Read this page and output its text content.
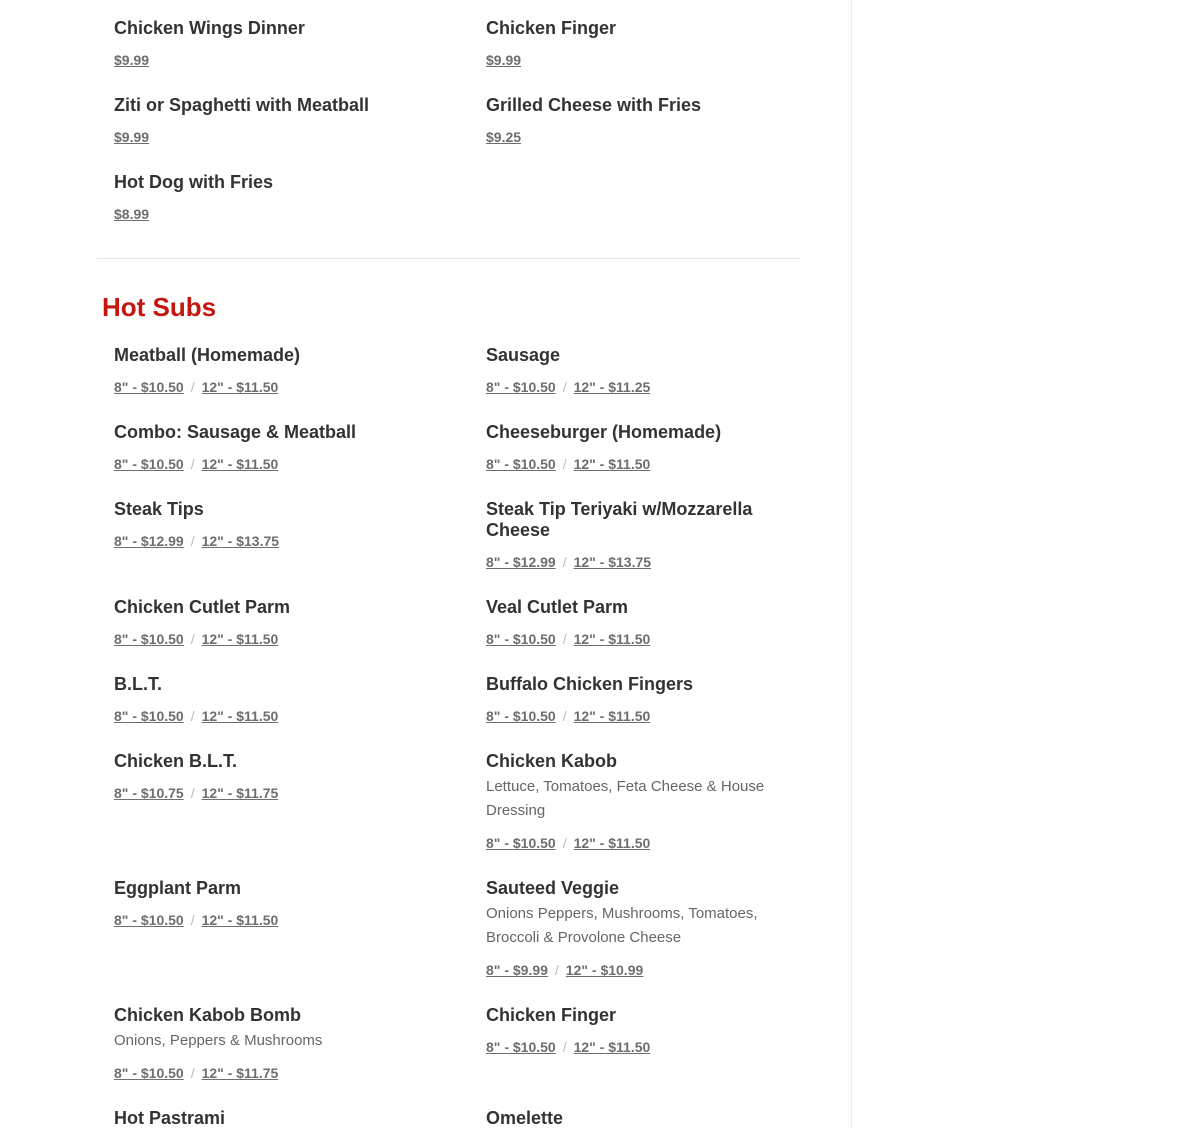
Chicken Wings Dinner
$9.99
Chicken Finger
$9.99
Ziti or Spaghetti with Meatball
$9.99
Grilled Cheese with Fries
$9.25
Hot Dog with Fries
$8.99
Hot Subs
Meatball (Homemade)
8" - $10.50 / 12" - $11.50
Sausage
8" - $10.50 / 12" - $11.25
Combo: Sausage & Meatball
8" - $10.50 / 12" - $11.50
Cheeseburger (Homemade)
8" - $10.50 / 12" - $11.50
Steak Tips
8" - $12.99 / 12" - $13.75
Steak Tip Teriyaki w/Mozzarella Cheese
8" - $12.99 / 12" - $13.75
Chicken Cutlet Parm
8" - $10.50 / 12" - $11.50
Veal Cutlet Parm
8" - $10.50 / 12" - $11.50
B.L.T.
8" - $10.50 / 12" - $11.50
Buffalo Chicken Fingers
8" - $10.50 / 12" - $11.50
Chicken B.L.T.
8" - $10.75 / 12" - $11.75
Chicken Kabob
Lettuce, Tomatoes, Feta Cheese & House Dressing
8" - $10.50 / 12" - $11.50
Eggplant Parm
8" - $10.50 / 12" - $11.50
Sauteed Veggie
Onions Peppers, Mushrooms, Tomatoes, Broccoli & Provolone Cheese
8" - $9.99 / 12" - $10.99
Chicken Kabob Bomb
Onions, Peppers & Mushrooms
8" - $10.50 / 12" - $11.75
Chicken Finger
8" - $10.50 / 12" - $11.50
Hot Pastrami	Omelette
